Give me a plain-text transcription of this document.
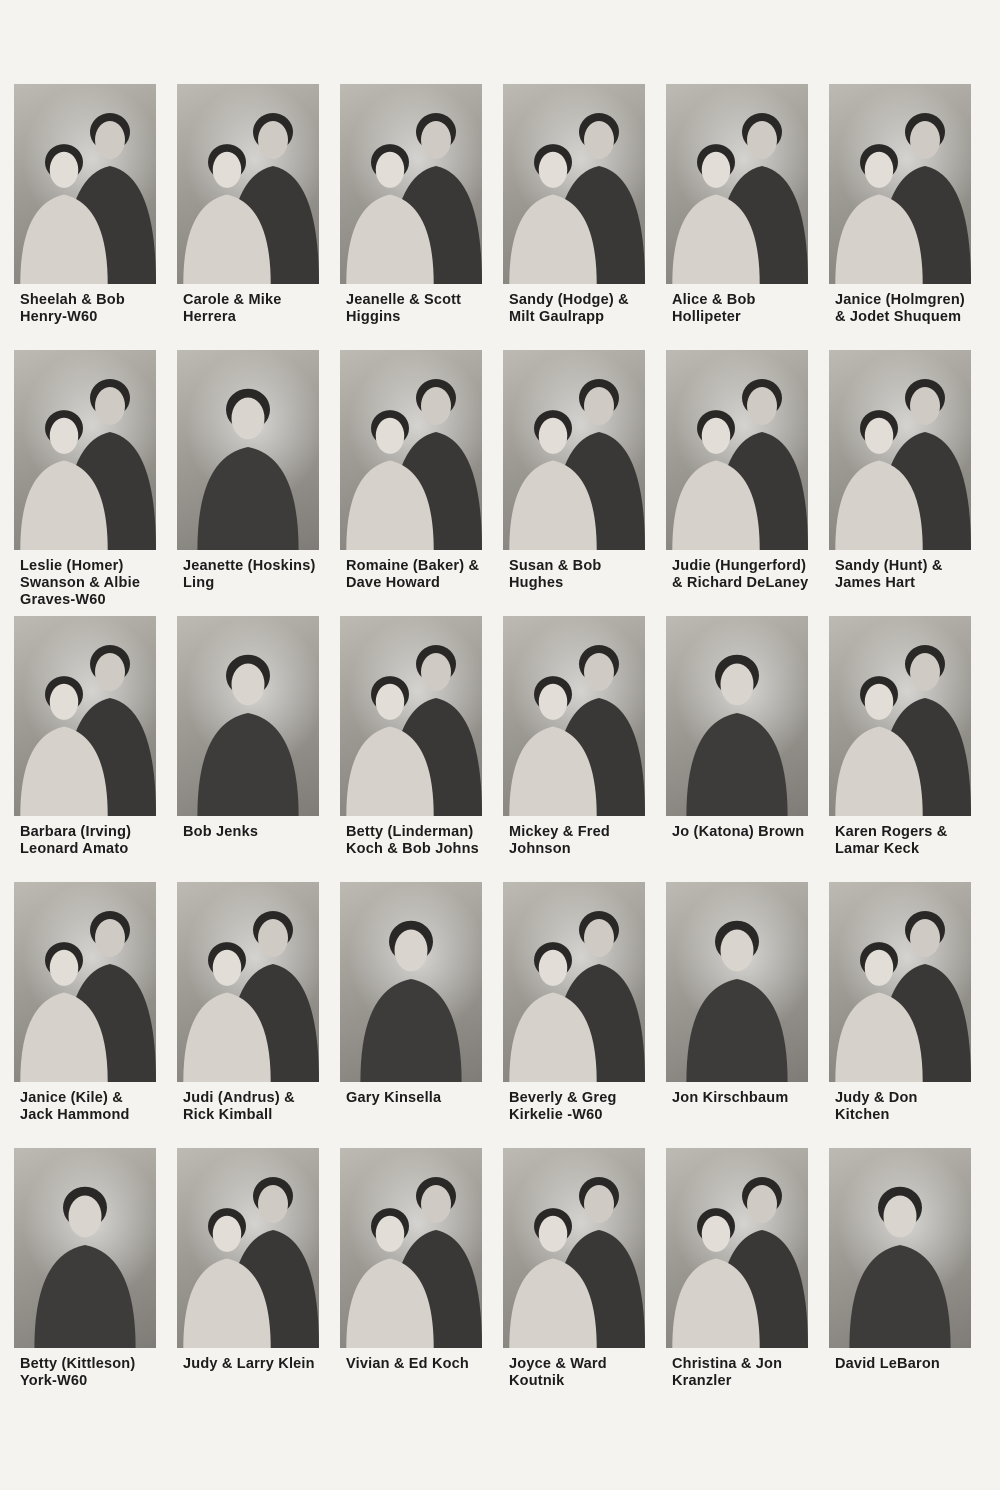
Sheelah & Bob Henry-W60
Carole & Mike Herrera
Jeanelle & Scott Higgins
Sandy (Hodge) & Milt Gaulrapp
Alice & Bob Hollipeter
Janice (Holmgren) & Jodet Shuquem
Leslie (Homer) Swanson & Albie Graves-W60
Jeanette (Hoskins) Ling
Romaine (Baker) & Dave Howard
Susan & Bob Hughes
Judie (Hungerford) & Richard DeLaney
Sandy (Hunt) & James Hart
Barbara (Irving) Leonard Amato
Bob Jenks	Betty (Linderman) Koch & Bob Johns
Mickey & Fred Johnson
Jo (Katona) Brown	Karen Rogers & Lamar Keck
Janice (Kile) & Jack Hammond
Judi (Andrus) & Rick Kimball
Gary Kinsella	Beverly & Greg Kirkelie -W60
Jon Kirschbaum	Judy & Don Kitchen
Betty (Kittleson) York-W60
Judy & Larry Klein	Vivian & Ed Koch	Joyce & Ward Koutnik
Christina & Jon Kranzler
David LeBaron
